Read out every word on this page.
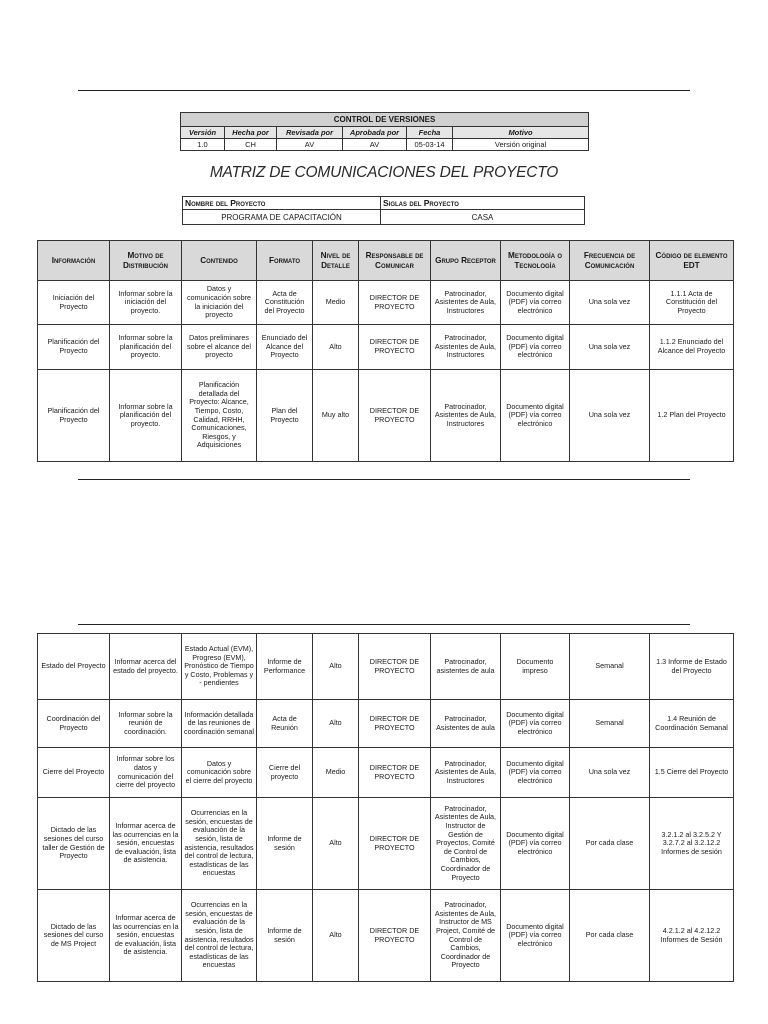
CONTROL DE VERSIONES					
Versión	Hecha por	Revisada por	Aprobada por	Fecha	Motivo
1.0	CH	AV	AV	05-03-14	Versión original
MATRIZ DE COMUNICACIONES DEL PROYECTO
Nombre del Proyecto	Siglas del Proyecto
PROGRAMA DE CAPACITACIÓN	CASA
Información	Motivo de Distribución	Contenido	Formato	Nivel de Detalle	Responsable de Comunicar	Grupo Receptor	Metodología o Tecnología	Frecuencia de Comunicación	Código de elemento EDT
Iniciación del Proyecto	Informar sobre la iniciación del proyecto.	Datos y comunicación sobre la iniciación del proyecto	Acta de Constitución del Proyecto	Medio	DIRECTOR DE PROYECTO	Patrocinador, Asistentes de Aula, Instructores	Documento digital (PDF) vía correo electrónico	Una sola vez	1.1.1 Acta de Constitución del Proyecto
Planificación del Proyecto	Informar sobre la planificación del proyecto.	Datos preliminares sobre el alcance del proyecto	Enunciado del Alcance del Proyecto	Alto	DIRECTOR DE PROYECTO	Patrocinador, Asistentes de Aula, Instructores	Documento digital (PDF) vía correo electrónico	Una sola vez	1.1.2 Enunciado del Alcance del Proyecto
Planificación del Proyecto	Informar sobre la planificación del proyecto.	Planificación detallada del Proyecto: Alcance, Tiempo, Costo, Calidad, RRHH, Comunicaciones, Riesgos, y Adquisiciones	Plan del Proyecto	Muy alto	DIRECTOR DE PROYECTO	Patrocinador, Asistentes de Aula, Instructores	Documento digital (PDF) vía correo electrónico	Una sola vez	1.2 Plan del Proyecto
Estado del Proyecto	Informar acerca del estado del proyecto.	Estado Actual (EVM), Progreso (EVM), Pronóstico de Tiempo y Costo, Problemas y - pendientes	Informe de Performance	Alto	DIRECTOR DE PROYECTO	Patrocinador, asistentes de aula	Documento impreso	Semanal	1.3 Informe de Estado del Proyecto
Coordinación del Proyecto	Informar sobre la reunión de coordinación.	Información detallada de las reuniones de coordinación semanal	Acta de Reunión	Alto	DIRECTOR DE PROYECTO	Patrocinador, Asistentes de aula	Documento digital (PDF) vía correo electrónico	Semanal	1.4 Reunión de Coordinación Semanal
Cierre del Proyecto	Informar sobre los datos y comunicación del cierre del proyecto	Datos y comunicación sobre el cierre del proyecto	Cierre del proyecto	Medio	DIRECTOR DE PROYECTO	Patrocinador, Asistentes de Aula, Instructores	Documento digital (PDF) vía correo electrónico	Una sola vez	1.5 Cierre del Proyecto
Dictado de las sesiones del curso taller de Gestión de Proyecto	Informar acerca de las ocurrencias en la sesión, encuestas de evaluación, lista de asistencia.	Ocurrencias en la sesión, encuestas de evaluación de la sesión, lista de asistencia, resultados del control de lectura, estadísticas de las encuestas	Informe de sesión	Alto	DIRECTOR DE PROYECTO	Patrocinador, Asistentes de Aula, Instructor de Gestión de Proyectos, Comité de Control de Cambios, Coordinador de Proyecto	Documento digital (PDF) vía correo electrónico	Por cada clase	3.2.1.2 al 3.2.5.2 Y 3.2.7.2 al 3.2.12.2 Informes de sesión
Dictado de las sesiones del curso de MS Project	Informar acerca de las ocurrencias en la sesión, encuestas de evaluación, lista de asistencia.	Ocurrencias en la sesión, encuestas de evaluación de la sesión, lista de asistencia, resultados del control de lectura, estadísticas de las encuestas	Informe de sesión	Alto	DIRECTOR DE PROYECTO	Patrocinador, Asistentes de Aula, Instructor de MS Project, Comité de Control de Cambios, Coordinador de Proyecto	Documento digital (PDF) vía correo electrónico	Por cada clase	4.2.1.2 al 4.2.12.2 Informes de Sesión
